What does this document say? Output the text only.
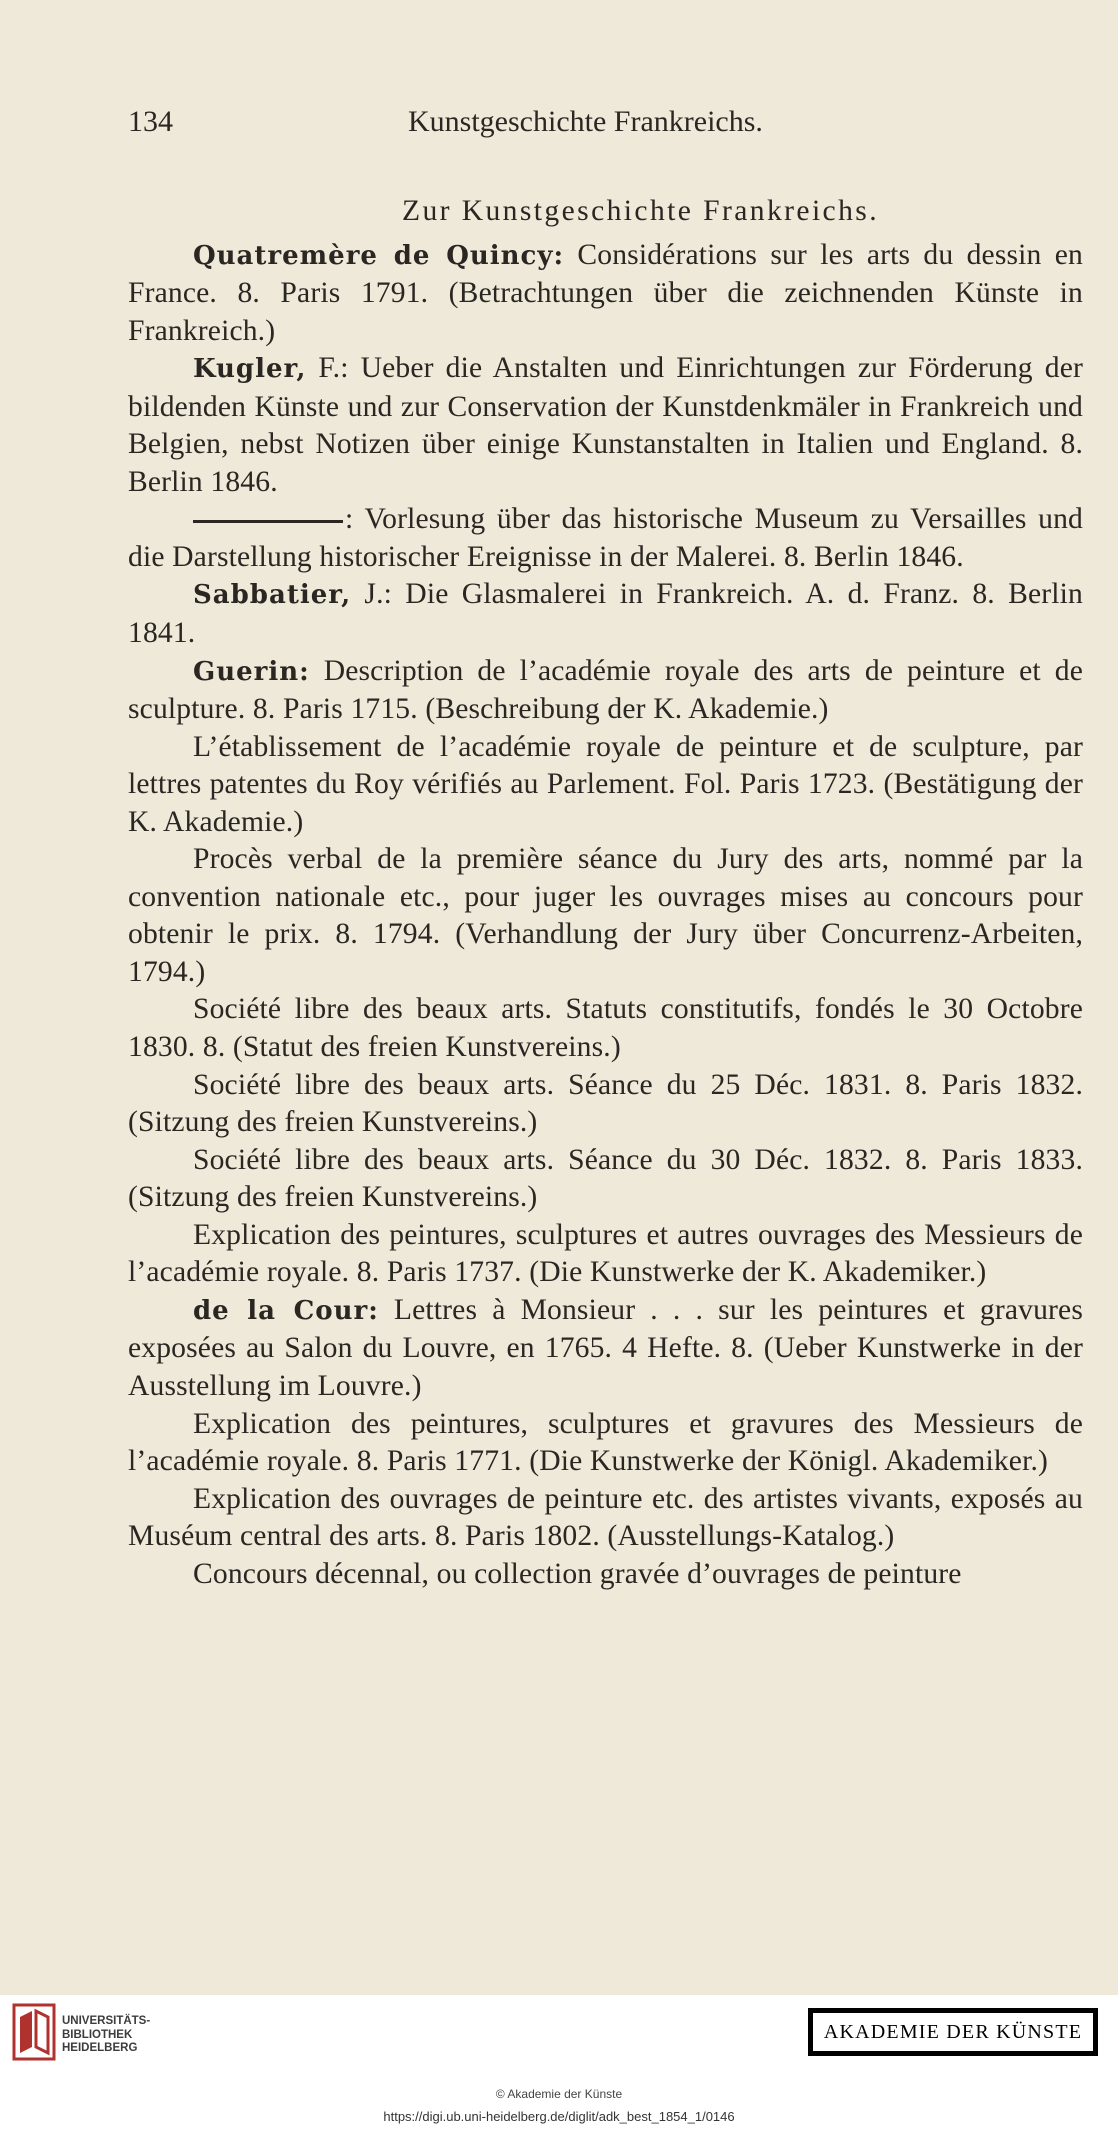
134	Kunstgeschichte Frankreichs.
Zur Kunstgeschichte Frankreichs.

Quatremère de Quincy: Considérations sur les arts du dessin en France. 8. Paris 1791. (Betrachtungen über die zeichnenden Künste in Frankreich.)

Kugler, F.: Ueber die Anstalten und Einrichtungen zur Förderung der bildenden Künste und zur Conservation der Kunstdenkmäler in Frankreich und Belgien, nebst Notizen über einige Kunstanstalten in Italien und England. 8. Berlin 1846.

: Vorlesung über das historische Museum zu Versailles und die Darstellung historischer Ereignisse in der Malerei. 8. Berlin 1846.

Sabbatier, J.: Die Glasmalerei in Frankreich. A. d. Franz. 8. Berlin 1841.

Guerin: Description de l’académie royale des arts de peinture et de sculpture. 8. Paris 1715. (Beschreibung der K. Akademie.)

L’établissement de l’académie royale de peinture et de sculpture, par lettres patentes du Roy vérifiés au Parlement. Fol. Paris 1723. (Bestätigung der K. Akademie.)

Procès verbal de la première séance du Jury des arts, nommé par la convention nationale etc., pour juger les ouvrages mises au concours pour obtenir le prix. 8. 1794. (Verhandlung der Jury über Concurrenz-Arbeiten, 1794.)

Société libre des beaux arts. Statuts constitutifs, fondés le 30 Octobre 1830. 8. (Statut des freien Kunstvereins.)

Société libre des beaux arts. Séance du 25 Déc. 1831. 8. Paris 1832. (Sitzung des freien Kunstvereins.)

Société libre des beaux arts. Séance du 30 Déc. 1832. 8. Paris 1833. (Sitzung des freien Kunstvereins.)

Explication des peintures, sculptures et autres ouvrages des Messieurs de l’académie royale. 8. Paris 1737. (Die Kunstwerke der K. Akademiker.)

de la Cour: Lettres à Monsieur . . . sur les peintures et gravures exposées au Salon du Louvre, en 1765. 4 Hefte. 8. (Ueber Kunstwerke in der Ausstellung im Louvre.)

Explication des peintures, sculptures et gravures des Messieurs de l’académie royale. 8. Paris 1771. (Die Kunstwerke der Königl. Akademiker.)

Explication des ouvrages de peinture etc. des artistes vivants, exposés au Muséum central des arts. 8. Paris 1802. (Ausstellungs-Katalog.)

Concours décennal, ou collection gravée d’ouvrages de peinture

UNIVERSITÄTS-
BIBLIOTHEK
HEIDELBERG
AKADEMIE DER KÜNSTE
© Akademie der Künste
https://digi.ub.uni-heidelberg.de/diglit/adk_best_1854_1/0146
